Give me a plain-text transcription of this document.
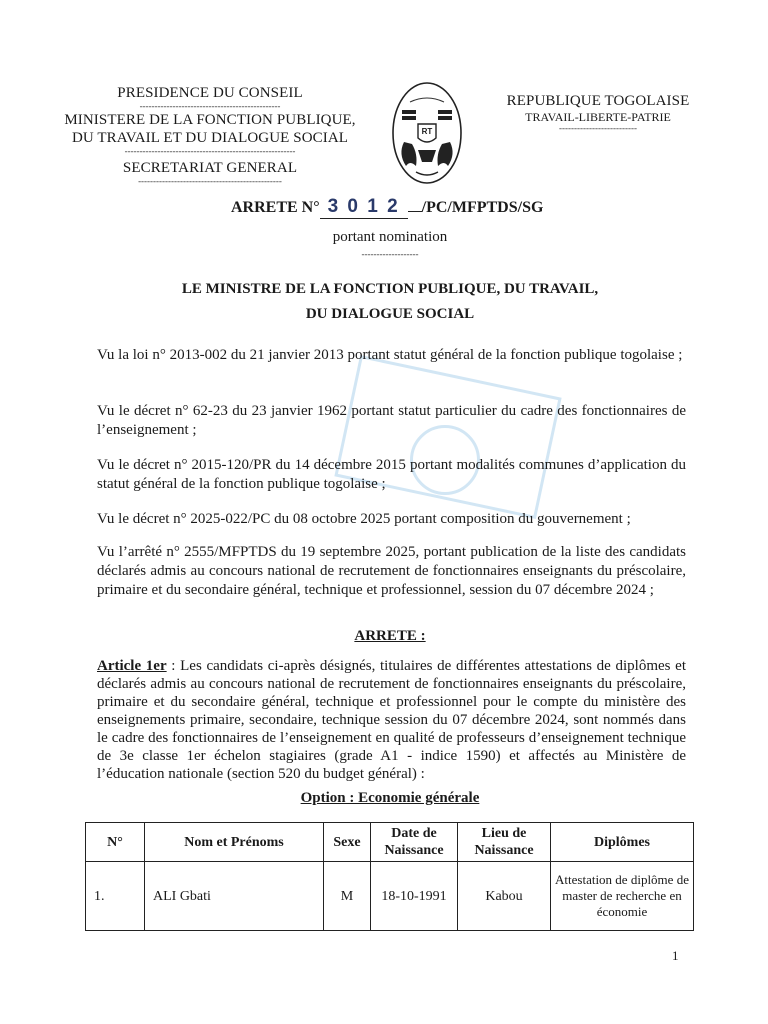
PRESIDENCE DU CONSEIL
-----------------------------------------------
MINISTERE DE LA FONCTION PUBLIQUE,
DU TRAVAIL ET DU DIALOGUE SOCIAL
---------------------------------------------------------
SECRETARIAT GENERAL
------------------------------------------------
RT
REPUBLIQUE TOGOLAISE
TRAVAIL-LIBERTE-PATRIE
--------------------------
ARRETE N° 3 0 1 2 /PC/MFPTDS/SG
portant nomination
-------------------
LE MINISTRE DE LA FONCTION PUBLIQUE, DU TRAVAIL,
DU DIALOGUE SOCIAL
Vu la loi n° 2013-002 du 21 janvier 2013 portant statut général de la fonction publique togolaise ;
Vu le décret n° 62-23 du 23 janvier 1962 portant statut particulier du cadre des fonctionnaires de l’enseignement ;
Vu le décret n° 2015-120/PR du 14 décembre 2015 portant modalités communes d’application du statut général de la fonction publique togolaise ;
Vu le décret n° 2025-022/PC du 08 octobre 2025 portant composition du gouvernement ;
Vu l’arrêté n° 2555/MFPTDS du 19 septembre 2025, portant publication de la liste des candidats déclarés admis au concours national de recrutement de fonctionnaires enseignants du préscolaire, primaire et du secondaire général, technique et professionnel, session du 07 décembre 2024 ;
ARRETE :
Article 1er : Les candidats ci-après désignés, titulaires de différentes attestations de diplômes et déclarés admis au concours national de recrutement de fonctionnaires enseignants du préscolaire, primaire et du secondaire général, technique et professionnel pour le compte du ministère des enseignements primaire, secondaire, technique session du 07 décembre 2024, sont nommés dans le cadre des fonctionnaires de l’enseignement en qualité de professeurs d’enseignement technique de 3e classe 1er échelon stagiaires (grade A1 - indice 1590) et affectés au Ministère de l’éducation nationale (section 520 du budget général) :
Option : Economie générale
N°	Nom et Prénoms	Sexe	Date de Naissance	Lieu de Naissance	Diplômes
1.	ALI Gbati	M	18-10-1991	Kabou	Attestation de diplôme de master de recherche en économie
1
